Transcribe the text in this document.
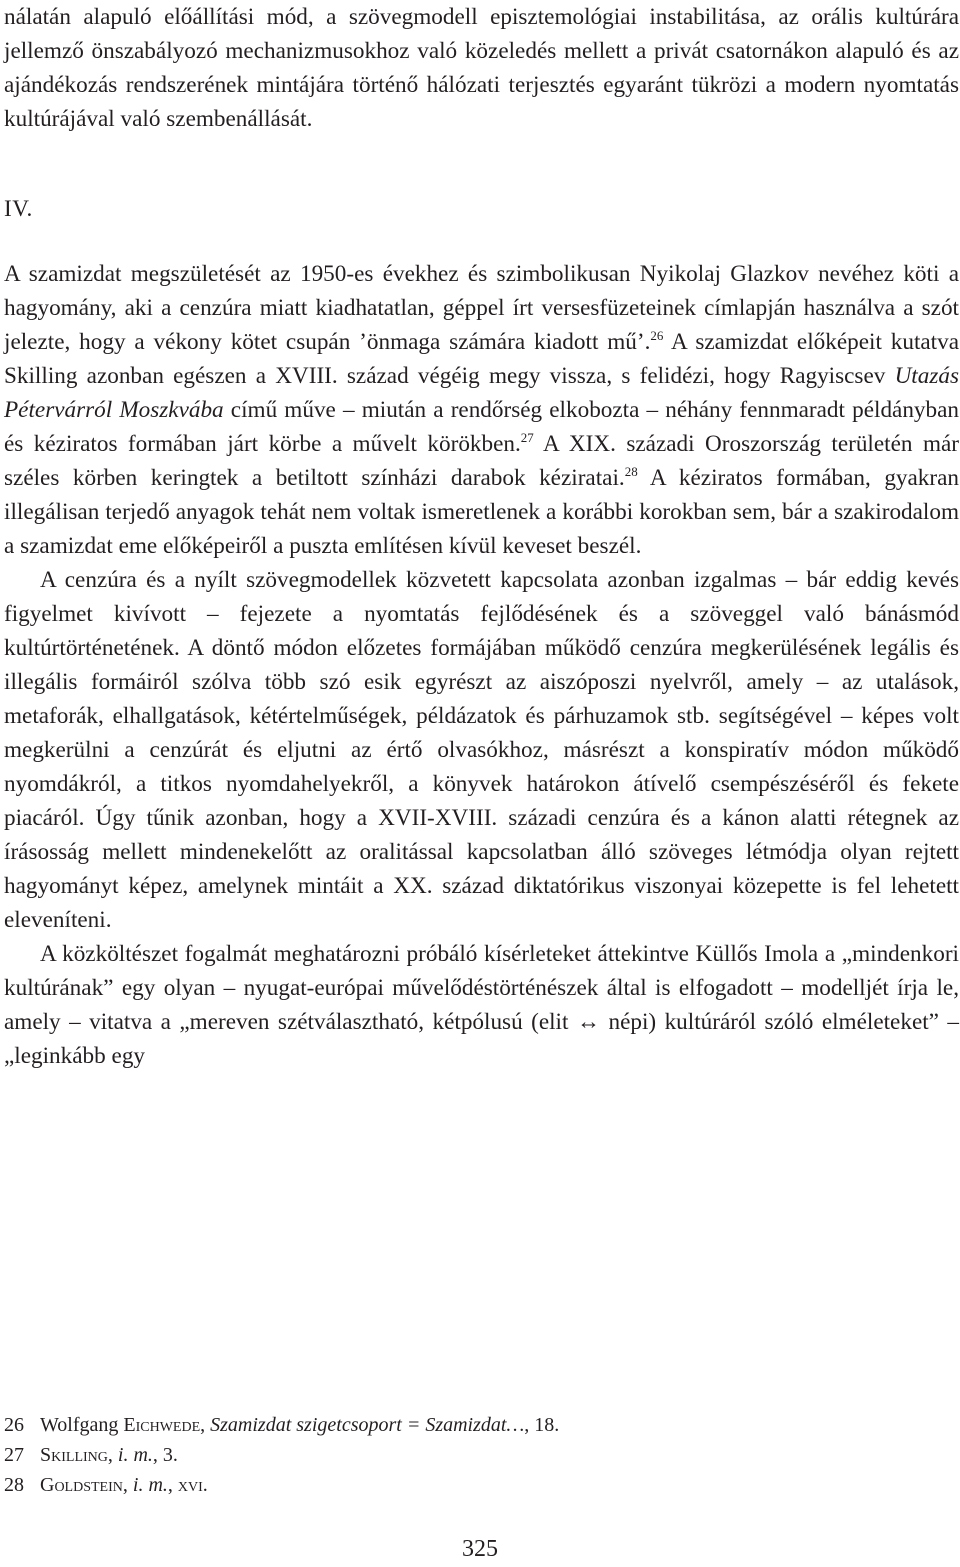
nálatán alapuló előállítási mód, a szövegmodell episztemológiai instabilitása, az orális kultúrára jellemző önszabályozó mechanizmusokhoz való közeledés mellett a privát csatornákon alapuló és az ajándékozás rendszerének mintájára történő hálózati terjesztés egyaránt tükrözi a modern nyomtatás kultúrájával való szembenállását.

IV.

A szamizdat megszületését az 1950-es évekhez és szimbolikusan Nyikolaj Glazkov nevéhez köti a hagyomány, aki a cenzúra miatt kiadhatatlan, géppel írt versesfüzeteinek címlapján használva a szót jelezte, hogy a vékony kötet csupán ’önmaga számára kiadott mű’.$^{26}$ A szamizdat előképeit kutatva Skilling azonban egészen a XVIII. század végéig megy vissza, s felidézi, hogy Ragyiscsev Utazás Pétervárról Moszkvába című műve – miután a rendőrség elkobozta – néhány fennmaradt példányban és kéziratos formában járt körbe a művelt körökben.$^{27}$ A XIX. századi Oroszország területén már széles körben keringtek a betiltott színházi darabok kéziratai.$^{28}$ A kéziratos formában, gyakran illegálisan terjedő anyagok tehát nem voltak ismeretlenek a korábbi korokban sem, bár a szakirodalom a szamizdat eme előképeiről a puszta említésen kívül keveset beszél.

A cenzúra és a nyílt szövegmodellek közvetett kapcsolata azonban izgalmas – bár eddig kevés figyelmet kivívott – fejezete a nyomtatás fejlődésének és a szöveggel való bánásmód kultúrtörténetének. A döntő módon előzetes formájában működő cenzúra megkerülésének legális és illegális formáiról szólva több szó esik egyrészt az aiszóposzi nyelvről, amely – az utalások, metaforák, elhallgatások, kétértelműségek, példázatok és párhuzamok stb. segítségével – képes volt megkerülni a cenzúrát és eljutni az értő olvasókhoz, másrészt a konspiratív módon működő nyomdákról, a titkos nyomdahelyekről, a könyvek határokon átívelő csempészéséről és fekete piacáról. Úgy tűnik azonban, hogy a XVII-XVIII. századi cenzúra és a kánon alatti rétegnek az írásosság mellett mindenekelőtt az oralitással kapcsolatban álló szöveges létmódja olyan rejtett hagyományt képez, amelynek mintáit a XX. század diktatórikus viszonyai közepette is fel lehetett eleveníteni.

A közköltészet fogalmát meghatározni próbáló kísérleteket áttekintve Küllős Imola a „mindenkori kultúrának” egy olyan – nyugat-európai művelődéstörténészek által is elfogadott – modelljét írja le, amely – vitatva a „mereven szétválasztható, kétpólusú (elit ↔ népi) kultúráról szóló elméleteket” – „leginkább egy

26 Wolfgang Eichwede, Szamizdat szigetcsoport = Szamizdat…, 18.

27 Skilling, i. m., 3.

28 Goldstein, i. m., xvi.

325
